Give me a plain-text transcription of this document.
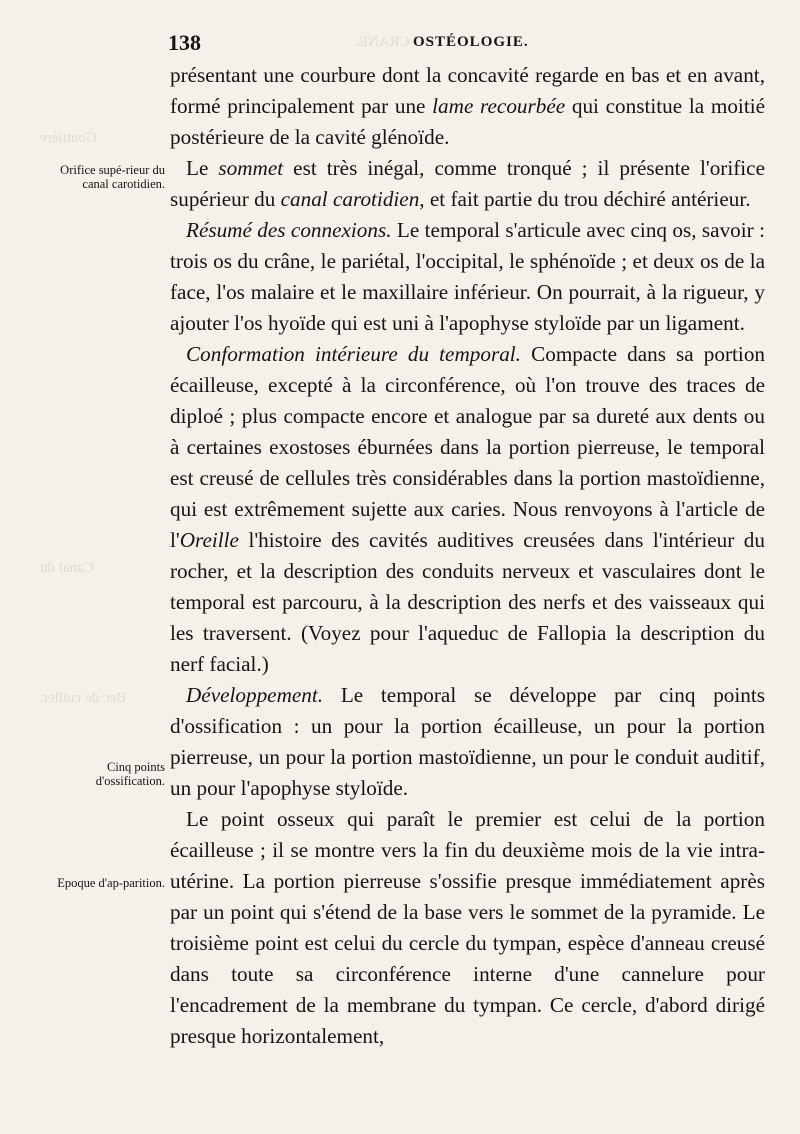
DU CRANE.
Gouttière
Canal du
Bec de cuiller.
138	OSTÉOLOGIE.
Orifice supé-rieur du canal carotidien.
Cinq points d'ossification.
Epoque d'ap-parition.

présentant une courbure dont la concavité regarde en bas et en avant, formé principalement par une lame recourbée qui constitue la moitié postérieure de la cavité glénoïde.

Le sommet est très inégal, comme tronqué ; il présente l'orifice supérieur du canal carotidien, et fait partie du trou déchiré antérieur.

Résumé des connexions. Le temporal s'articule avec cinq os, savoir : trois os du crâne, le pariétal, l'occipital, le sphénoïde ; et deux os de la face, l'os malaire et le maxillaire inférieur. On pourrait, à la rigueur, y ajouter l'os hyoïde qui est uni à l'apophyse styloïde par un ligament.

Conformation intérieure du temporal. Compacte dans sa portion écailleuse, excepté à la circonférence, où l'on trouve des traces de diploé ; plus compacte encore et analogue par sa dureté aux dents ou à certaines exostoses éburnées dans la portion pierreuse, le temporal est creusé de cellules très considérables dans la portion mastoïdienne, qui est extrêmement sujette aux caries. Nous renvoyons à l'article de l'Oreille l'histoire des cavités auditives creusées dans l'intérieur du rocher, et la description des conduits nerveux et vasculaires dont le temporal est parcouru, à la description des nerfs et des vaisseaux qui les traversent. (Voyez pour l'aqueduc de Fallopia la description du nerf facial.)

Développement. Le temporal se développe par cinq points d'ossification : un pour la portion écailleuse, un pour la portion pierreuse, un pour la portion mastoïdienne, un pour le conduit auditif, un pour l'apophyse styloïde.

Le point osseux qui paraît le premier est celui de la portion écailleuse ; il se montre vers la fin du deuxième mois de la vie intra-utérine. La portion pierreuse s'ossifie presque immédiatement après par un point qui s'étend de la base vers le sommet de la pyramide. Le troisième point est celui du cercle du tympan, espèce d'anneau creusé dans toute sa circonférence interne d'une cannelure pour l'encadrement de la membrane du tympan. Ce cercle, d'abord dirigé presque horizontalement,
